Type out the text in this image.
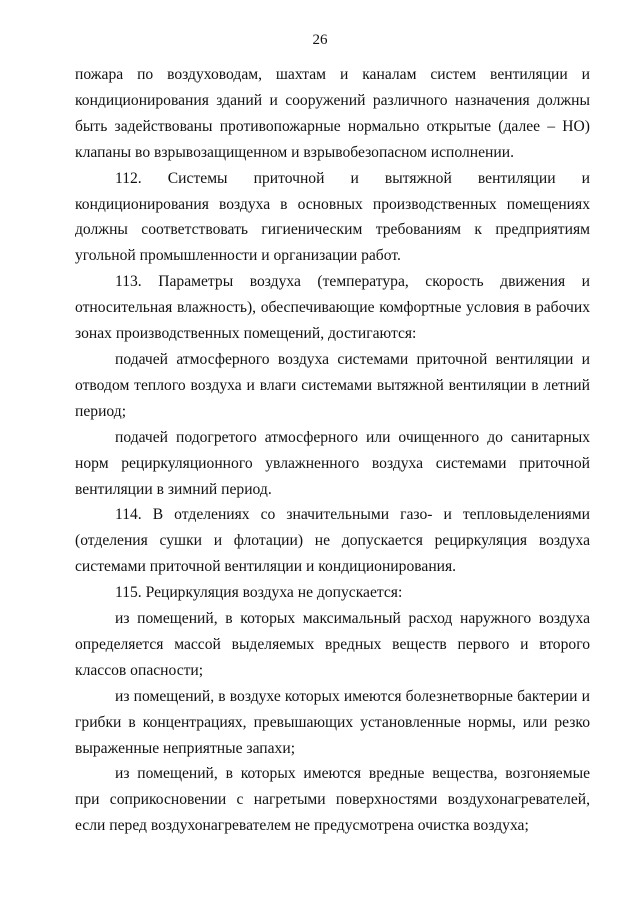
26

пожара по воздуховодам, шахтам и каналам систем вентиляции и кондиционирования зданий и сооружений различного назначения должны быть задействованы противопожарные нормально открытые (далее – НО) клапаны во взрывозащищенном и взрывобезопасном исполнении.

112. Системы приточной и вытяжной вентиляции и кондиционирования воздуха в основных производственных помещениях должны соответствовать гигиеническим требованиям к предприятиям угольной промышленности и организации работ.

113. Параметры воздуха (температура, скорость движения и относительная влажность), обеспечивающие комфортные условия в рабочих зонах производственных помещений, достигаются:

подачей атмосферного воздуха системами приточной вентиляции и отводом теплого воздуха и влаги системами вытяжной вентиляции в летний период;

подачей подогретого атмосферного или очищенного до санитарных норм рециркуляционного увлажненного воздуха системами приточной вентиляции в зимний период.

114. В отделениях со значительными газо- и тепловыделениями (отделения сушки и флотации) не допускается рециркуляция воздуха системами приточной вентиляции и кондиционирования.

115. Рециркуляция воздуха не допускается:

из помещений, в которых максимальный расход наружного воздуха определяется массой выделяемых вредных веществ первого и второго классов опасности;

из помещений, в воздухе которых имеются болезнетворные бактерии и грибки в концентрациях, превышающих установленные нормы, или резко выраженные неприятные запахи;

из помещений, в которых имеются вредные вещества, возгоняемые при соприкосновении с нагретыми поверхностями воздухонагревателей, если перед воздухонагревателем не предусмотрена очистка воздуха;
